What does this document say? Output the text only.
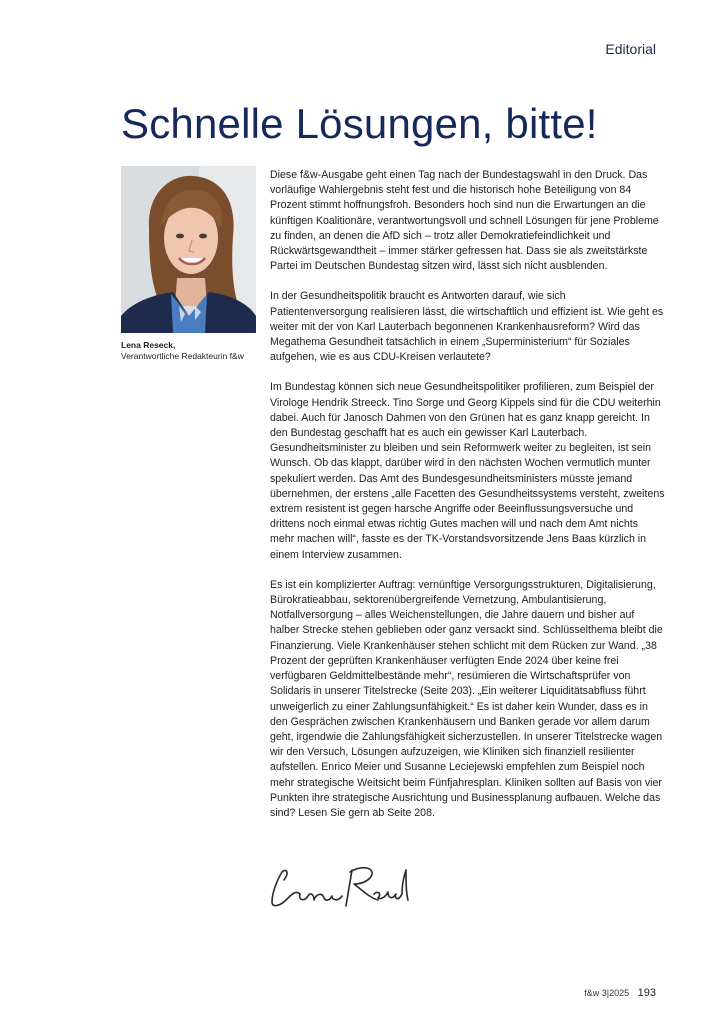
Editorial
Schnelle Lösungen, bitte!
Lena Reseck,
Verantwortliche Redakteurin f&w

Diese f&w-Ausgabe geht einen Tag nach der Bundestagswahl in den Druck. Das vorläufige Wahlergebnis steht fest und die historisch hohe Beteiligung von 84 Prozent stimmt hoffnungsfroh. Besonders hoch sind nun die Erwartungen an die künftigen Koalitionäre, verantwortungsvoll und schnell Lösungen für jene Probleme zu finden, an denen die AfD sich – trotz aller Demokratiefeindlichkeit und Rückwärtsgewandtheit – immer stärker gefressen hat. Dass sie als zweitstärkste Partei im Deutschen Bundestag sitzen wird, lässt sich nicht ausblenden.

In der Gesundheitspolitik braucht es Antworten darauf, wie sich Patientenversorgung realisieren lässt, die wirtschaftlich und effizient ist. Wie geht es weiter mit der von Karl Lauterbach begonnenen Krankenhausreform? Wird das Megathema Gesundheit tatsächlich in einem „Superministerium“ für Soziales aufgehen, wie es aus CDU-Kreisen verlautete?

Im Bundestag können sich neue Gesundheitspolitiker profilieren, zum Beispiel der Virologe Hendrik Streeck. Tino Sorge und Georg Kippels sind für die CDU weiterhin dabei. Auch für Janosch Dahmen von den Grünen hat es ganz knapp gereicht. In den Bundestag geschafft hat es auch ein gewisser Karl Lauterbach. Gesundheitsminister zu bleiben und sein Reformwerk weiter zu begleiten, ist sein Wunsch. Ob das klappt, darüber wird in den nächsten Wochen vermutlich munter spekuliert werden. Das Amt des Bundesgesundheitsministers müsste jemand übernehmen, der erstens „alle Facetten des Gesundheitssystems versteht, zweitens extrem resistent ist gegen harsche Angriffe oder Beeinflussungsversuche und drittens noch einmal etwas richtig Gutes machen will und nach dem Amt nichts mehr machen will“, fasste es der TK-Vorstandsvorsitzende Jens Baas kürzlich in einem Interview zusammen.

Es ist ein komplizierter Auftrag: vernünftige Versorgungsstrukturen, Digitalisierung, Bürokratieabbau, sektorenübergreifende Vernetzung, Ambulantisierung, Notfallversorgung – alles Weichenstellungen, die Jahre dauern und bisher auf halber Strecke stehen geblieben oder ganz versackt sind. Schlüsselthema bleibt die Finanzierung. Viele Krankenhäuser stehen schlicht mit dem Rücken zur Wand. „38 Prozent der geprüften Krankenhäuser verfügten Ende 2024 über keine frei verfügbaren Geldmittelbestände mehr“, resümieren die Wirtschaftsprüfer von Solidaris in unserer Titelstrecke (Seite 203). „Ein weiterer Liquiditätsabfluss führt unweigerlich zu einer Zahlungsunfähigkeit.“ Es ist daher kein Wunder, dass es in den Gesprächen zwischen Krankenhäusern und Banken gerade vor allem darum geht, irgendwie die Zahlungsfähigkeit sicherzustellen. In unserer Titelstrecke wagen wir den Versuch, Lösungen aufzuzeigen, wie Kliniken sich finanziell resilienter aufstellen. Enrico Meier und Susanne Leciejewski empfehlen zum Beispiel noch mehr strategische Weitsicht beim Fünfjahresplan. Kliniken sollten auf Basis von vier Punkten ihre strategische Ausrichtung und Businessplanung aufbauen. Welche das sind? Lesen Sie gern ab Seite 208.

f&w 3|2025 193
